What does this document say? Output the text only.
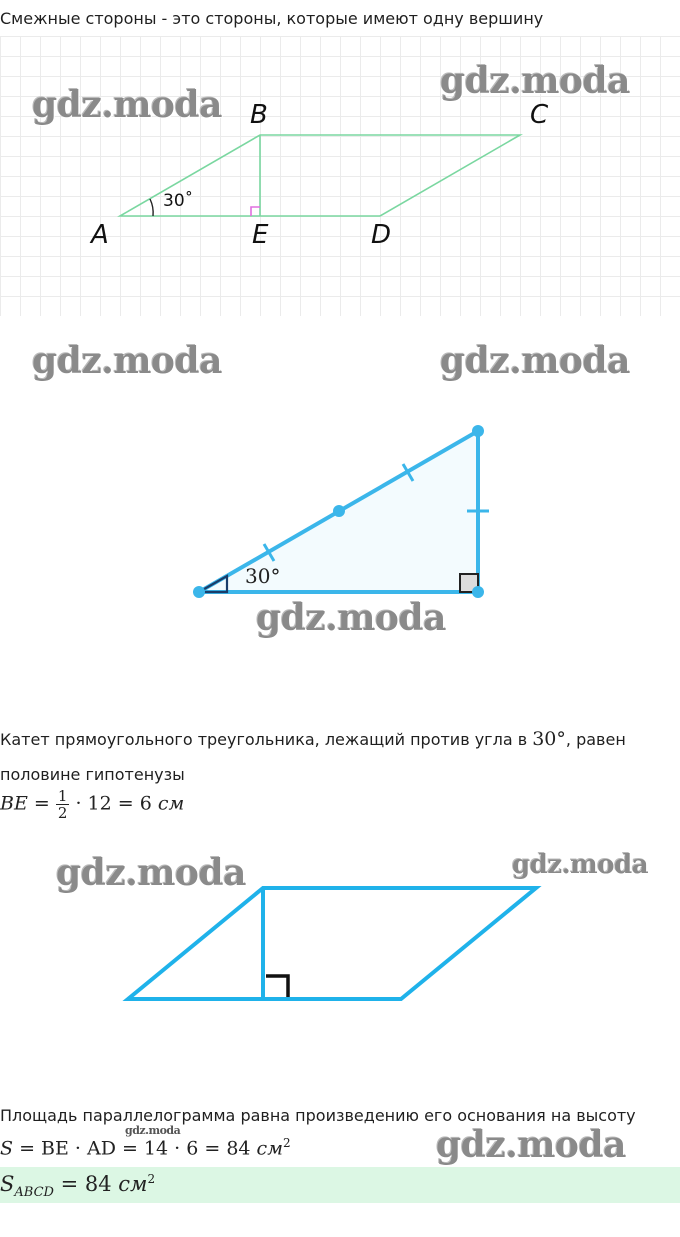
Смежные стороны - это стороны, которые имеют одну вершину
gdz.moda
gdz.moda
B	C
A	E	D
30˚
gdz.moda	gdz.moda
30°
gdz.moda
Катет прямоугольного треугольника, лежащий против угла в 30°, равен
половине гипотенузы
BE = $\frac{1}{2} \cdot 12 = 6$ см
gdz.moda	gdz.moda
Площадь параллелограмма равна произведению его основания на высоту
gdz.moda
S = BE · AD = 14 · 6 = 84 $см^2$	gdz.moda
$S_{ABCD} = 84$ $см^2$
